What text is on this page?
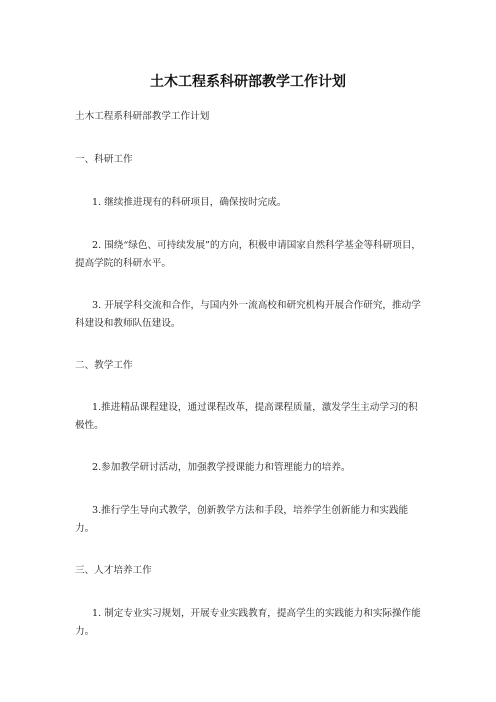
土木工程系科研部教学工作计划

土木工程系科研部教学工作计划

一、科研工作

1. 继续推进现有的科研项目，确保按时完成。

2. 围绕“绿色、可持续发展”的方向，积极申请国家自然科学基金等科研项目，提高学院的科研水平。

3. 开展学科交流和合作，与国内外一流高校和研究机构开展合作研究，推动学科建设和教师队伍建设。

二、教学工作

1.推进精品课程建设，通过课程改革，提高课程质量，激发学生主动学习的积极性。

2.参加教学研讨活动，加强教学授课能力和管理能力的培养。

3.推行学生导向式教学，创新教学方法和手段，培养学生创新能力和实践能力。

三、人才培养工作

1. 制定专业实习规划，开展专业实践教育，提高学生的实践能力和实际操作能力。
